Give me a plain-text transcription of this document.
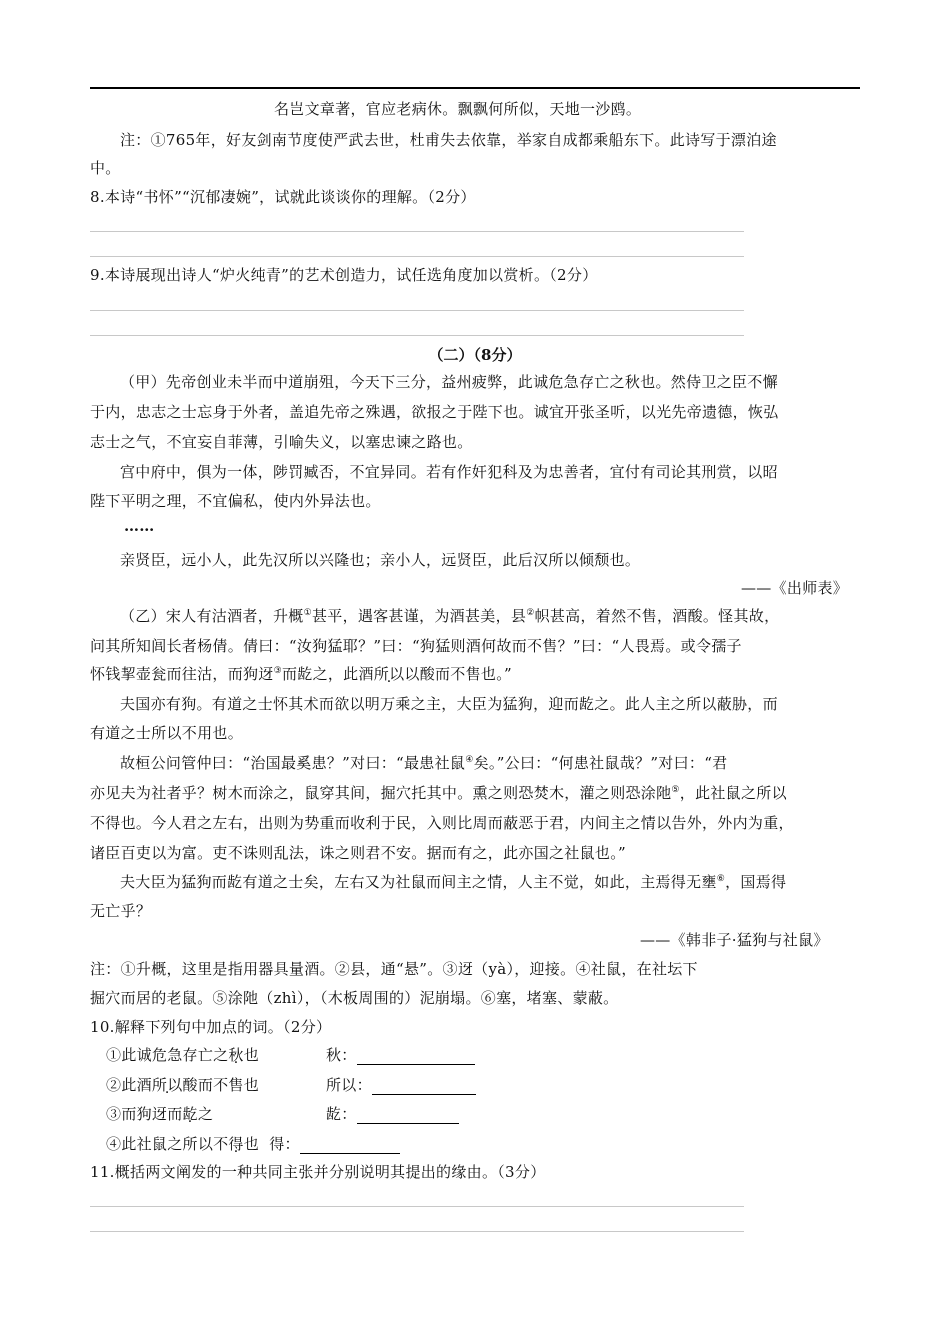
名岂文章著，官应老病休。飘飘何所似，天地一沙鸥。
注：①765年，好友剑南节度使严武去世，杜甫失去依靠，举家自成都乘船东下。此诗写于漂泊途
中。
8.本诗“书怀”“沉郁凄婉”，试就此谈谈你的理解。（2分）
9.本诗展现出诗人“炉火纯青”的艺术创造力，试任选角度加以赏析。（2分）
（二）（8分）
（甲）先帝创业未半而中道崩殂，今天下三分，益州疲弊，此诚危急存亡之秋也。然侍卫之臣不懈
于内，忠志之士忘身于外者，盖追先帝之殊遇，欲报之于陛下也。诚宜开张圣听，以光先帝遗德，恢弘
志士之气，不宜妄自菲薄，引喻失义，以塞忠谏之路也。
宫中府中，俱为一体，陟罚臧否，不宜异同。若有作奸犯科及为忠善者，宜付有司论其刑赏，以昭
陛下平明之理，不宜偏私，使内外异法也。
……
亲贤臣，远小人，此先汉所以兴隆也；亲小人，远贤臣，此后汉所以倾颓也。
——《出师表》
（乙）宋人有沽酒者，升概①甚平，遇客甚谨，为酒甚美，县②帜甚高，着然不售，酒酸。怪其故，
问其所知闾长者杨倩。倩曰：“汝狗猛耶？”曰：“狗猛则酒何故而不售？”曰：“人畏焉。或令孺子
怀钱挈壶瓮而往沽，而狗迓③而龁之，此酒所以以酸而不售也。”
夫国亦有狗。有道之士怀其术而欲以明万乘之主，大臣为猛狗，迎而龁之。此人主之所以蔽胁，而
有道之士所以不用也。
故桓公问管仲曰：“治国最奚患？”对曰：“最患社鼠④矣。”公曰：“何患社鼠哉？”对曰：“君
亦见夫为社者乎？树木而涂之，鼠穿其间，掘穴托其中。熏之则恐焚木，灌之则恐涂阤⑤，此社鼠之所以
不得也。今人君之左右，出则为势重而收利于民，入则比周而蔽恶于君，内间主之情以告外，外内为重，
诸臣百吏以为富。吏不诛则乱法，诛之则君不安。据而有之，此亦国之社鼠也。”
夫大臣为猛狗而龁有道之士矣，左右又为社鼠而间主之情，人主不觉，如此，主焉得无壅⑥，国焉得
无亡乎？
——《韩非子·猛狗与社鼠》
注：①升概，这里是指用器具量酒。②县，通“悬”。③迓（yà），迎接。④社鼠，在社坛下
掘穴而居的老鼠。⑤涂阤（zhì），（木板周围的）泥崩塌。⑥塞，堵塞、蒙蔽。
10.解释下列句中加点的词。（2分）
①此诚危急存亡之秋也	秋：
②此酒所以酸而不售也	所以：
③而狗迓而龁之	龁：
④此社鼠之所以不得也 得：
11.概括两文阐发的一种共同主张并分别说明其提出的缘由。（3分）
